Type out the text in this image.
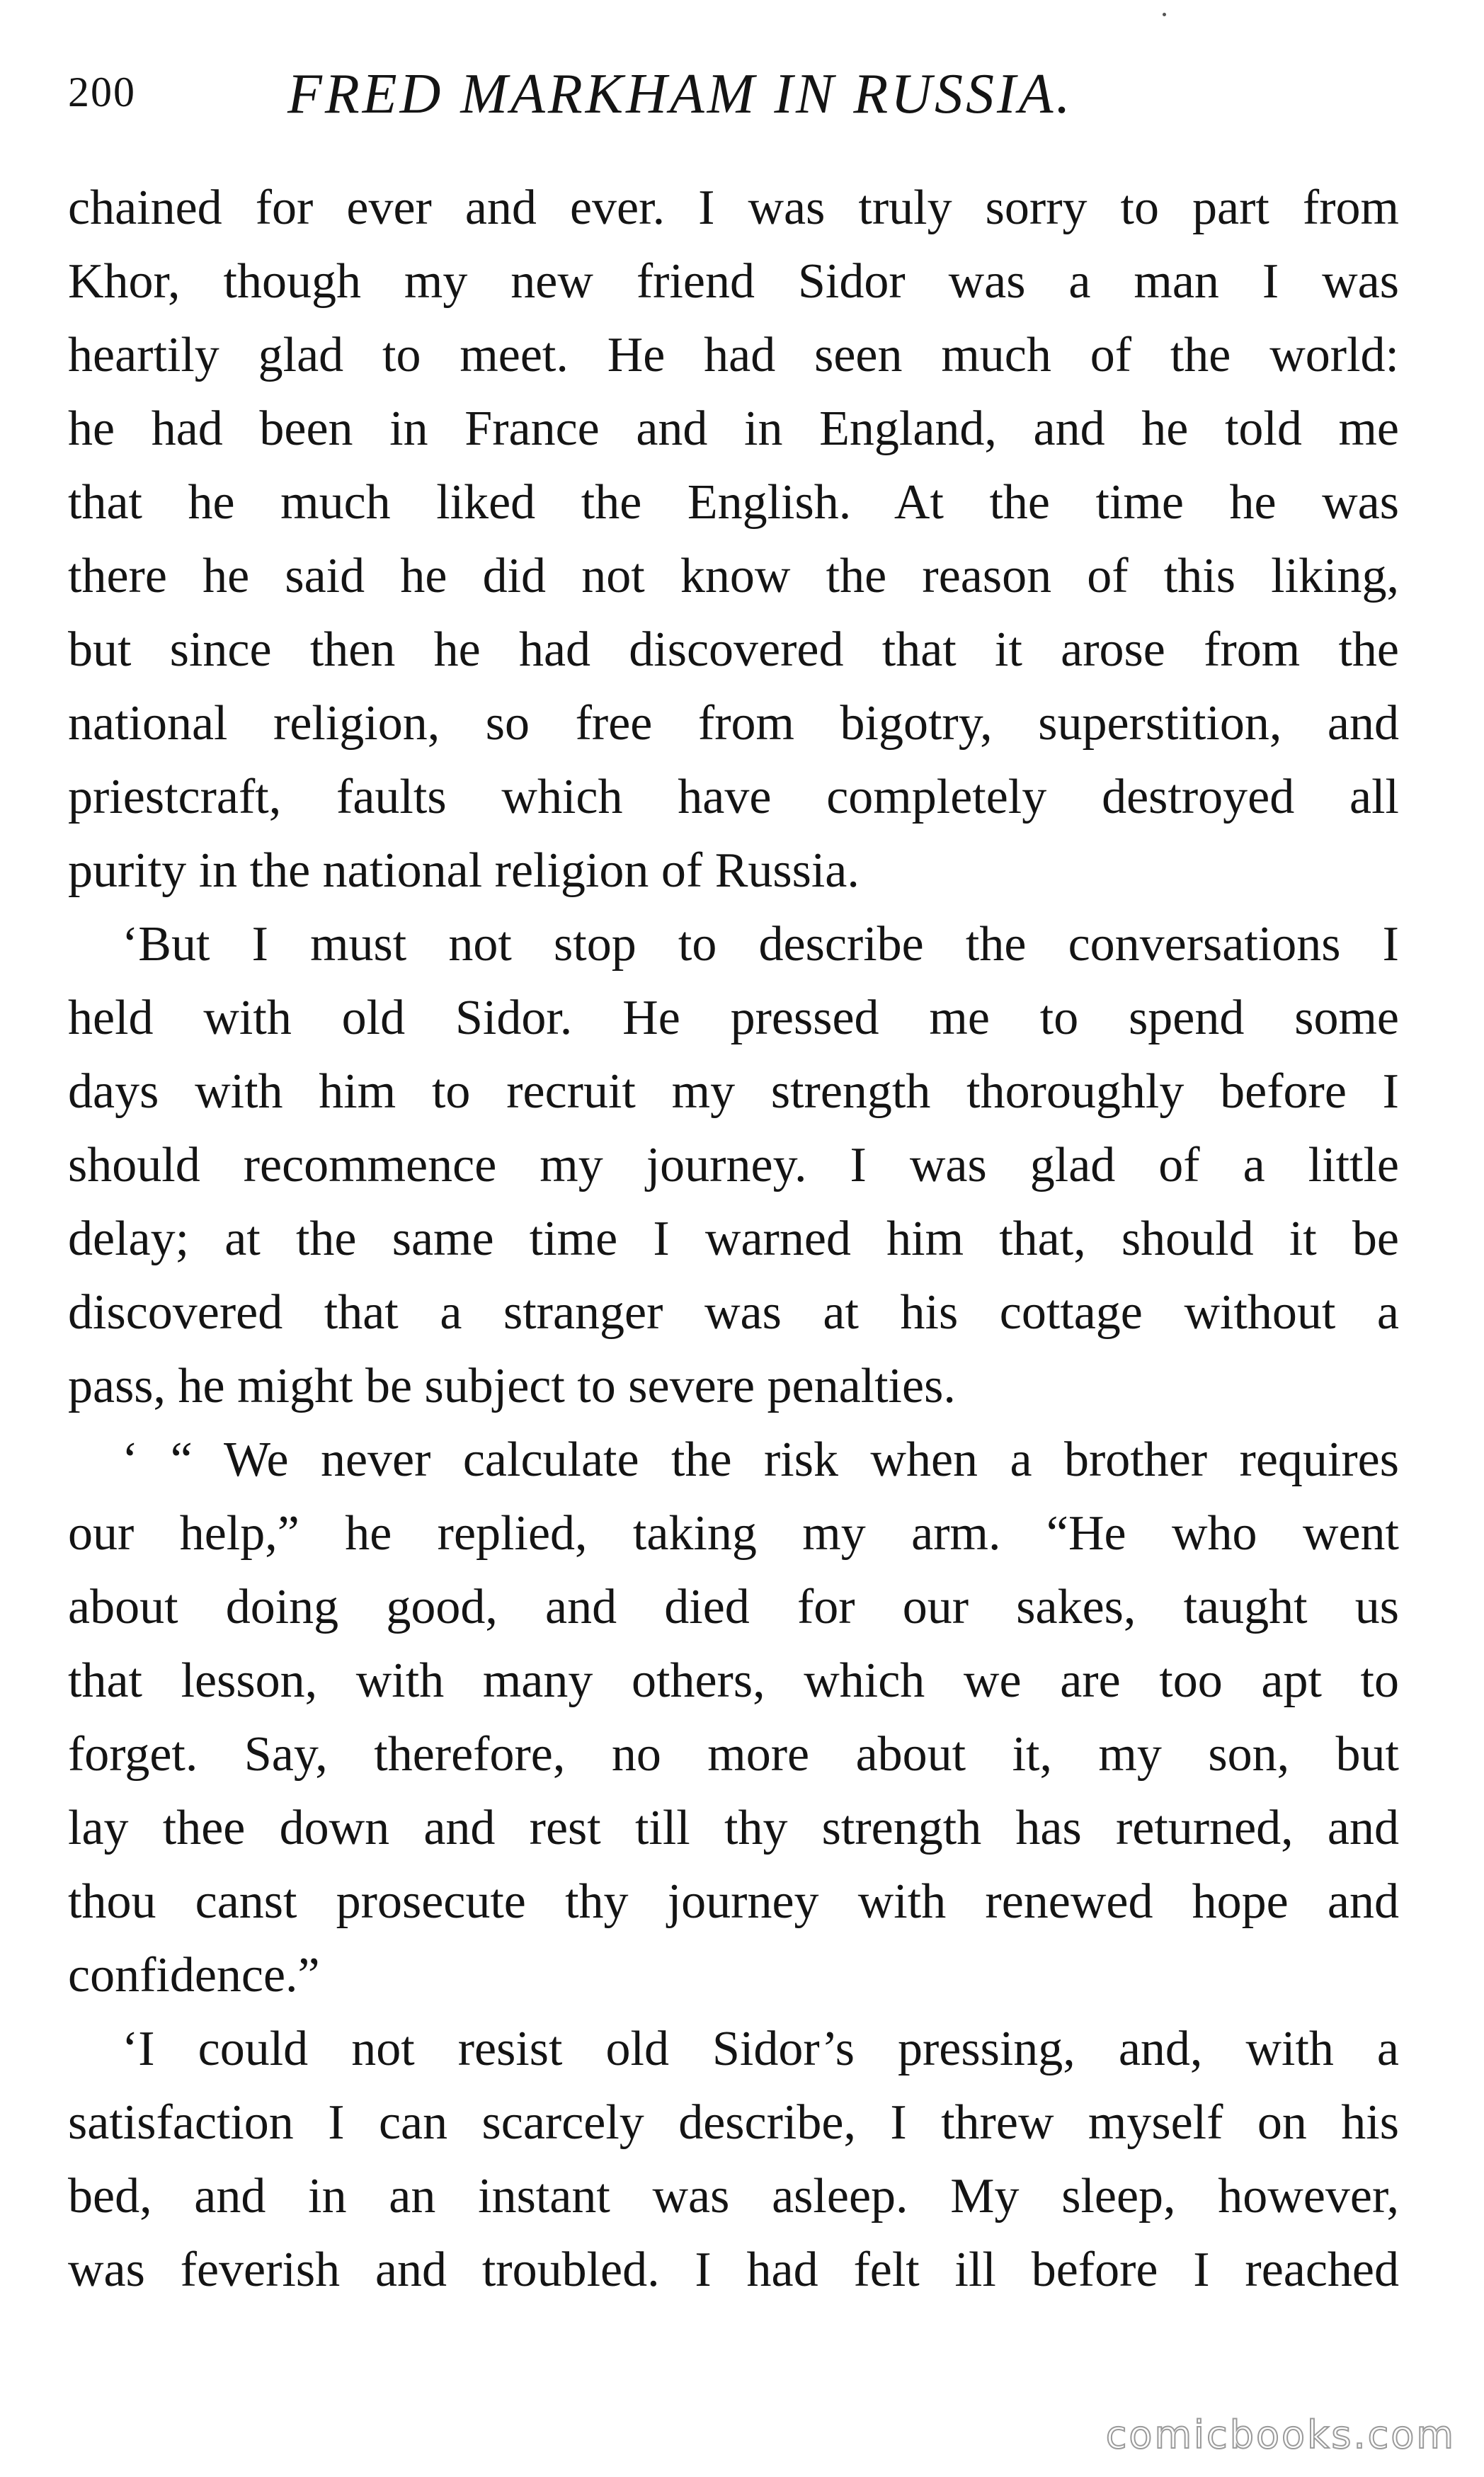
200	FRED MARKHAM IN RUSSIA.
chained for ever and ever. I was truly sorry to part from
Khor, though my new friend Sidor was a man I was
heartily glad to meet. He had seen much of the world:
he had been in France and in England, and he told me
that he much liked the English. At the time he was
there he said he did not know the reason of this liking,
but since then he had discovered that it arose from the
national religion, so free from bigotry, superstition, and
priestcraft, faults which have completely destroyed all
purity in the national religion of Russia.
‘But I must not stop to describe the conversations I
held with old Sidor. He pressed me to spend some
days with him to recruit my strength thoroughly before I
should recommence my journey. I was glad of a little
delay; at the same time I warned him that, should it be
discovered that a stranger was at his cottage without a
pass, he might be subject to severe penalties.
‘ “ We never calculate the risk when a brother requires
our help,” he replied, taking my arm. “He who went
about doing good, and died for our sakes, taught us
that lesson, with many others, which we are too apt to
forget. Say, therefore, no more about it, my son, but
lay thee down and rest till thy strength has returned, and
thou canst prosecute thy journey with renewed hope and
confidence.”
‘I could not resist old Sidor’s pressing, and, with a
satisfaction I can scarcely describe, I threw myself on his
bed, and in an instant was asleep. My sleep, however,
was feverish and troubled. I had felt ill before I reached
comicbooks.com
